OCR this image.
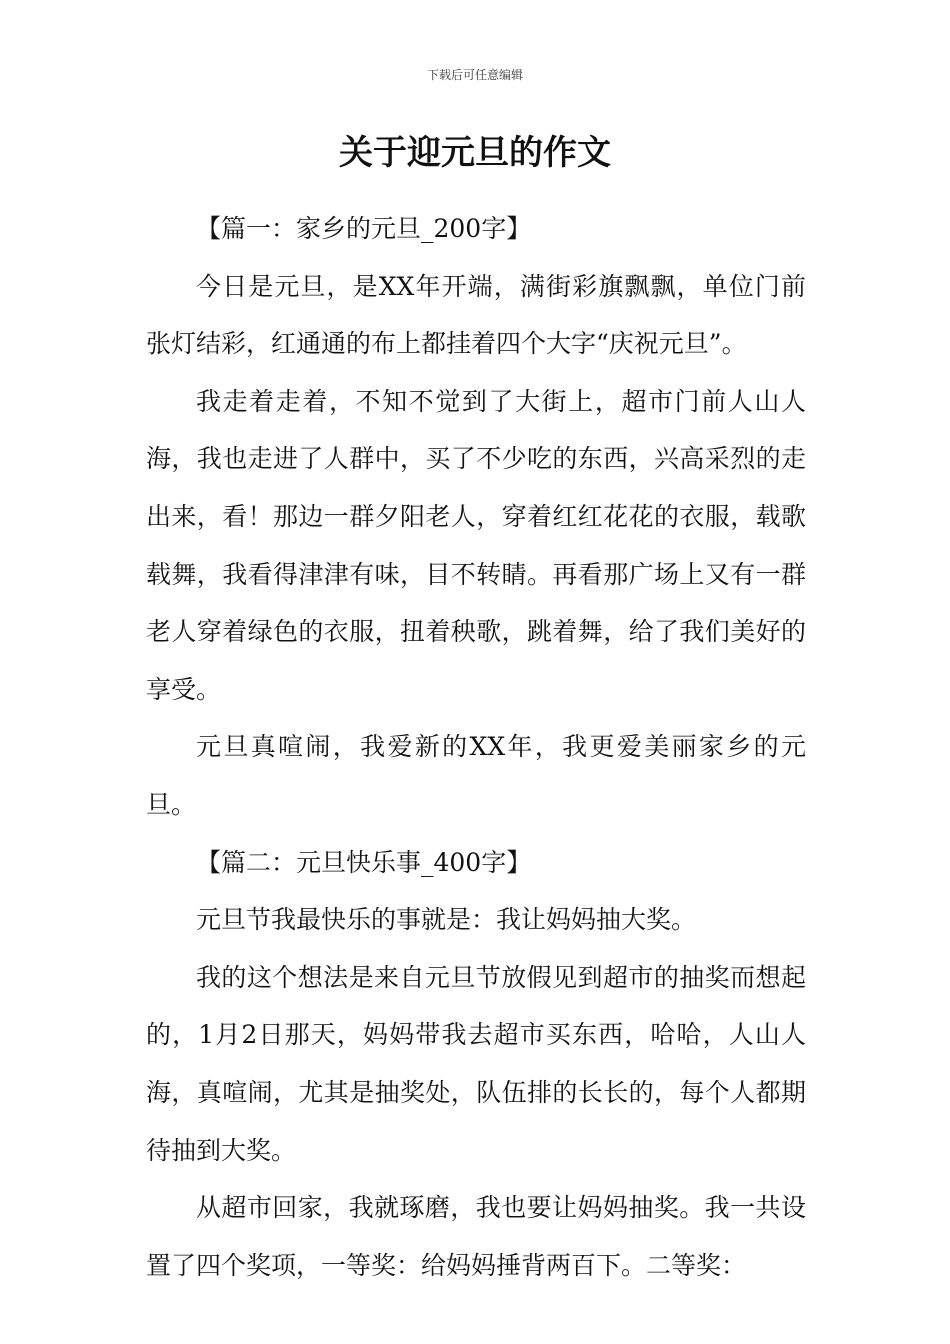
下载后可任意编辑
关于迎元旦的作文

【篇一：家乡的元旦_200字】

今日是元旦，是XX年开端，满街彩旗飘飘，单位门前张灯结彩，红通通的布上都挂着四个大字“庆祝元旦”。

我走着走着，不知不觉到了大街上，超市门前人山人海，我也走进了人群中，买了不少吃的东西，兴高采烈的走出来，看！那边一群夕阳老人，穿着红红花花的衣服，载歌载舞，我看得津津有味，目不转睛。再看那广场上又有一群老人穿着绿色的衣服，扭着秧歌，跳着舞，给了我们美好的享受。

元旦真喧闹，我爱新的XX年，我更爱美丽家乡的元旦。

【篇二：元旦快乐事_400字】

元旦节我最快乐的事就是：我让妈妈抽大奖。

我的这个想法是来自元旦节放假见到超市的抽奖而想起的，1月2日那天，妈妈带我去超市买东西，哈哈，人山人海，真喧闹，尤其是抽奖处，队伍排的长长的，每个人都期待抽到大奖。

从超市回家，我就琢磨，我也要让妈妈抽奖。我一共设置了四个奖项，一等奖：给妈妈捶背两百下。二等奖：
